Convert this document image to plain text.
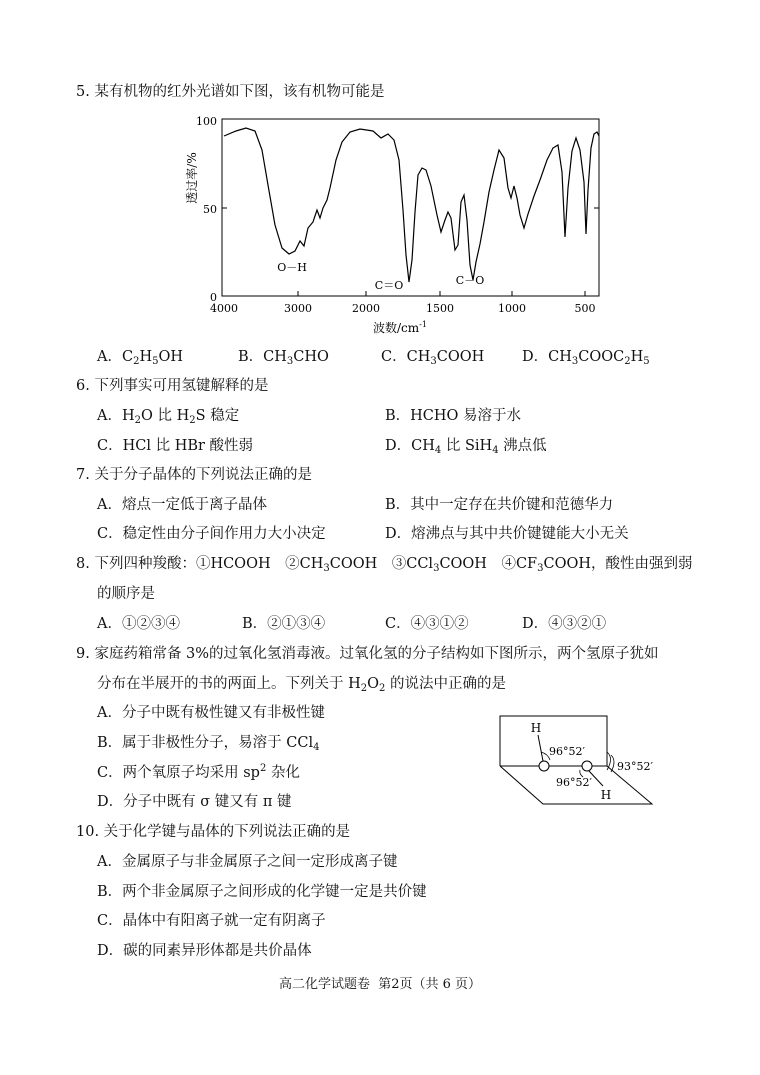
5. 某有机物的红外光谱如下图，该有机物可能是
100
50
0
4000	3000	2000	1500	1000	500
透过率/%
波数$/cm^{-1}$
O－H
C＝O	C－O
A．$C_2H_5OH$	B．$CH_3CHO$	C．$CH_3COOH$	D．$CH_3COOC_2H_5$
6. 下列事实可用氢键解释的是
A．$H_2O$ 比 $H_2S$ 稳定	B．HCHO 易溶于水
C．HCl 比 HBr 酸性弱	D．$CH_4$ 比 SiH$_4$ 沸点低
7. 关于分子晶体的下列说法正确的是
A．熔点一定低于离子晶体	B．其中一定存在共价键和范德华力
C．稳定性由分子间作用力大小决定	D．熔沸点与其中共价键键能大小无关
8. 下列四种羧酸：①HCOOH　$②CH_3COOH$　③CCl$_3$COOH　$④CF_3COOH$，酸性由强到弱
的顺序是
A．①②③④	B．②①③④	C．④③①②	D．④③②①
9. 家庭药箱常备 3%的过氧化氢消毒液。过氧化氢的分子结构如下图所示，两个氢原子犹如
分布在半展开的书的两面上。下列关于 $H_2O_2$ 的说法中正确的是
A．分子中既有极性键又有非极性键
B．属于非极性分子，易溶于 CCl$_4$
C．两个氧原子均采用 $sp^2$ 杂化
D．分子中既有 σ 键又有 π 键
H
H
96°52′
96°52′
93°52′
10. 关于化学键与晶体的下列说法正确的是
A．金属原子与非金属原子之间一定形成离子键
B．两个非金属原子之间形成的化学键一定是共价键
C．晶体中有阳离子就一定有阴离子
D．碳的同素异形体都是共价晶体
高二化学试题卷  第2页（共 6 页）
